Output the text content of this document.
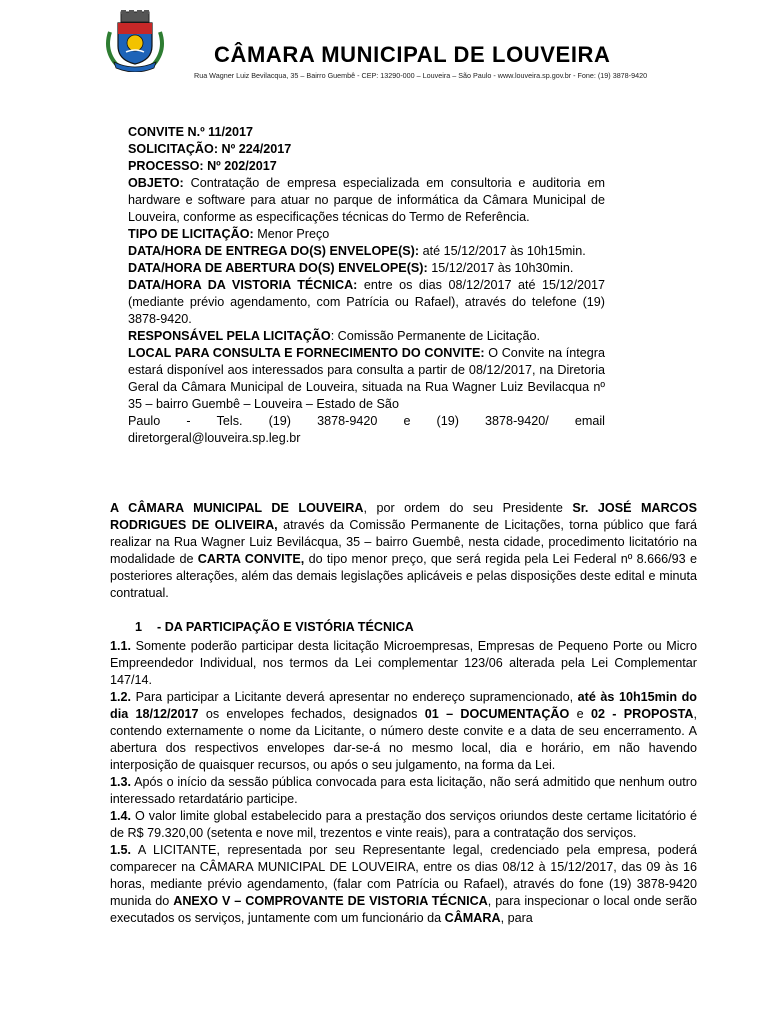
CÂMARA MUNICIPAL DE LOUVEIRA
Rua Wagner Luiz Bevilacqua, 35 – Bairro Guembê - CEP: 13290-000 – Louveira – São Paulo - www.louveira.sp.gov.br - Fone: (19) 3878-9420

CONVITE N.º 11/2017

SOLICITAÇÃO: Nº 224/2017

PROCESSO: Nº 202/2017

OBJETO: Contratação de empresa especializada em consultoria e auditoria em hardware e software para atuar no parque de informática da Câmara Municipal de Louveira, conforme as especificações técnicas do Termo de Referência.

TIPO DE LICITAÇÃO: Menor Preço

DATA/HORA DE ENTREGA DO(S) ENVELOPE(S): até 15/12/2017 às 10h15min.

DATA/HORA DE ABERTURA DO(S) ENVELOPE(S): 15/12/2017 às 10h30min.

DATA/HORA DA VISTORIA TÉCNICA: entre os dias 08/12/2017 até 15/12/2017 (mediante prévio agendamento, com Patrícia ou Rafael), através do telefone (19) 3878-9420.

RESPONSÁVEL PELA LICITAÇÃO: Comissão Permanente de Licitação.

LOCAL PARA CONSULTA E FORNECIMENTO DO CONVITE: O Convite na íntegra estará disponível aos interessados para consulta a partir de 08/12/2017, na Diretoria Geral da Câmara Municipal de Louveira, situada na Rua Wagner Luiz Bevilacqua nº 35 – bairro Guembê – Louveira – Estado de São

Paulo - Tels. (19) 3878-9420 e (19) 3878-9420/ email

diretorgeral@louveira.sp.leg.br

A CÂMARA MUNICIPAL DE LOUVEIRA, por ordem do seu Presidente Sr. JOSÉ MARCOS RODRIGUES DE OLIVEIRA, através da Comissão Permanente de Licitações, torna público que fará realizar na Rua Wagner Luiz Bevilácqua, 35 – bairro Guembê, nesta cidade, procedimento licitatório na modalidade de CARTA CONVITE, do tipo menor preço, que será regida pela Lei Federal nº 8.666/93 e posteriores alterações, além das demais legislações aplicáveis e pelas disposições deste edital e minuta contratual.

1 - DA PARTICIPAÇÃO E VISTÓRIA TÉCNICA

1.1. Somente poderão participar desta licitação Microempresas, Empresas de Pequeno Porte ou Micro Empreendedor Individual, nos termos da Lei complementar 123/06 alterada pela Lei Complementar 147/14.

1.2. Para participar a Licitante deverá apresentar no endereço supramencionado, até às 10h15min do dia 18/12/2017 os envelopes fechados, designados 01 – DOCUMENTAÇÃO e 02 - PROPOSTA, contendo externamente o nome da Licitante, o número deste convite e a data de seu encerramento. A abertura dos respectivos envelopes dar-se-á no mesmo local, dia e horário, em não havendo interposição de quaisquer recursos, ou após o seu julgamento, na forma da Lei.

1.3. Após o início da sessão pública convocada para esta licitação, não será admitido que nenhum outro interessado retardatário participe.

1.4. O valor limite global estabelecido para a prestação dos serviços oriundos deste certame licitatório é de R$ 79.320,00 (setenta e nove mil, trezentos e vinte reais), para a contratação dos serviços.

1.5. A LICITANTE, representada por seu Representante legal, credenciado pela empresa, poderá comparecer na CÂMARA MUNICIPAL DE LOUVEIRA, entre os dias 08/12 à 15/12/2017, das 09 às 16 horas, mediante prévio agendamento, (falar com Patrícia ou Rafael), através do fone (19) 3878-9420 munida do ANEXO V – COMPROVANTE DE VISTORIA TÉCNICA, para inspecionar o local onde serão executados os serviços, juntamente com um funcionário da CÂMARA, para
